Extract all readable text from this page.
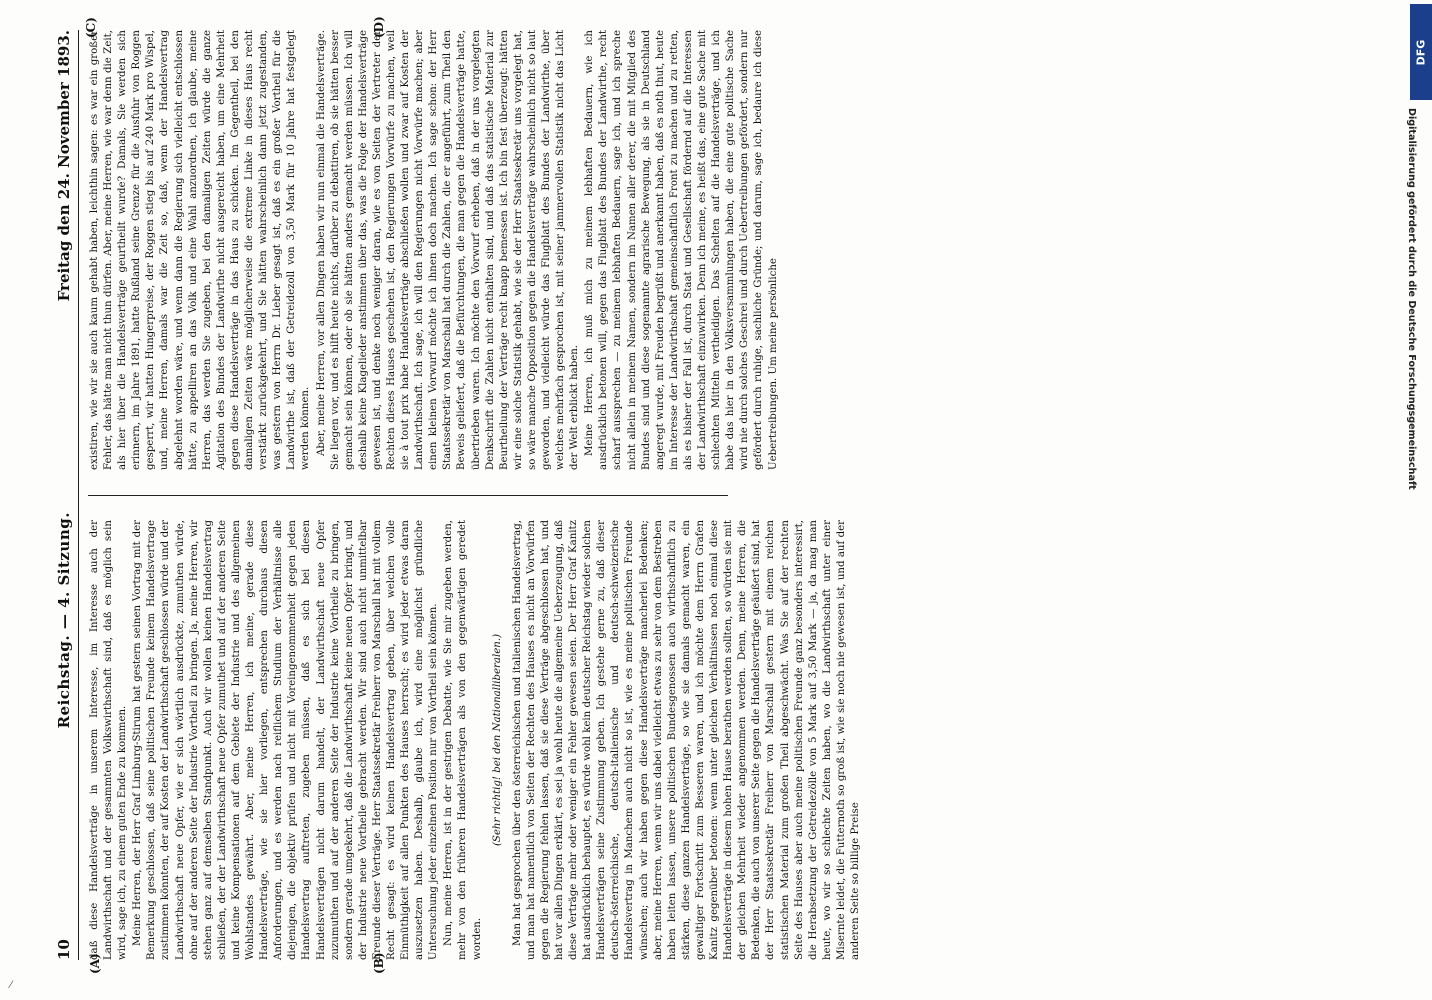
10
Reichstag. — 4. Sitzung.
Freitag den 24. November 1893.
(A)	(B)
(C)	(D)

daß diese Handelsverträge in unserem Interesse, im Interesse auch der Landwirthschaft und der gesammten Volkswirthschaft sind, daß es möglich sein wird, sage ich, zu einem guten Ende zu kommen. Meine Herren, der Herr Graf Limburg-Stirum hat gestern seinen Vortrag mit der Bemerkung geschlossen, daß seine politischen Freunde keinem Handelsvertrage zustimmen könnten, der auf Kosten der Landwirthschaft geschlossen würde und der Landwirthschaft neue Opfer, wie er sich wörtlich ausdrückte, zumuthen würde, ohne auf der anderen Seite der Industrie Vortheil zu bringen. Ja, meine Herren, wir stehen ganz auf demselben Standpunkt. Auch wir wollen keinen Handelsvertrag schließen, der der Landwirthschaft neue Opfer zumuthet und auf der anderen Seite und keine Kompensationen auf dem Gebiete der Industrie und des allgemeinen Wohlstandes gewährt. Aber, meine Herren, ich meine, gerade diese Handelsverträge, wie sie hier vorliegen, entsprechen durchaus diesen Anforderungen, und es werden nach reiflichem Studium der Verhältnisse alle diejenigen, die objektiv prüfen und nicht mit Voreingenommenheit gegen jeden Handelsvertrag auftreten, zugeben müssen, daß es sich bei diesen Handelsverträgen nicht darum handelt, der Landwirthschaft neue Opfer zuzumuthen und auf der anderen Seite der Industrie keine Vortheile zu bringen, sondern gerade umgekehrt, daß die Landwirthschaft keine neuen Opfer bringt, und der Industrie neue Vortheile gebracht werden. Wir sind auch nicht unmittelbar Freunde dieser Verträge. Herr Staatssekretär Freiherr von Marschall hat mit vollem Recht gesagt: es wird keinen Handelsvertrag geben, über welchen volle Einmüthigkeit auf allen Punkten des Hauses herrscht; es wird jeder etwas daran auszusetzen haben. Deshalb, glaube ich, wird eine möglichst gründliche Untersuchung jeder einzelnen Position nur von Vortheil sein können. Nun, meine Herren, ist in der gestrigen Debatte, wie Sie mir zugeben werden, mehr von den früheren Handelsverträgen als von den gegenwärtigen geredet worden.

(Sehr richtig! bei den Nationalliberalen.) Man hat gesprochen über den österreichischen und italienischen Handelsvertrag, und man hat namentlich von Seiten der Rechten des Hauses es nicht an Vorwürfen gegen die Regierung fehlen lassen, daß sie diese Verträge abgeschlossen hat, und hat vor allen Dingen erklärt, es sei ja wohl heute die allgemeine Ueberzeugung, daß diese Verträge mehr oder weniger ein Fehler gewesen seien. Der Herr Graf Kanitz hat ausdrücklich behauptet, es würde wohl kein deutscher Reichstag wieder solchen Handelsverträgen seine Zustimmung geben. Ich gestehe gerne zu, daß dieser deutsch-österreichische, deutsch-italienische und deutsch-schweizerische Handelsvertrag in Manchem auch nicht so ist, wie es meine politischen Freunde wünschen; auch wir haben gegen diese Handelsverträge mancherlei Bedenken; aber, meine Herren, wenn wir uns dabei vielleicht etwas zu sehr von dem Bestreben haben leiten lassen, unsere politischen Bundesgenossen auch wirthschaftlich zu stärken, diese ganzen Handelsverträge, so wie sie damals gemacht waren, ein gewaltiger Fortschritt zum Besseren waren, und ich möchte dem Herrn Grafen Kanitz gegenüber betonen: wenn unter gleichen Verhältnissen noch einmal diese Handelsverträge in diesem hohen Hause berathen werden sollten, so würden sie mit der gleichen Mehrheit wieder angenommen werden. Denn, meine Herren, die Bedenken, die auch von unserer Seite gegen die Handelsverträge geäußert sind, hat der Herr Staatssekretär Freiherr von Marschall gestern mit einem reichen statistischen Material zum großen Theil abgeschwächt. Was Sie auf der rechten Seite des Hauses aber auch meine politischen Freunde ganz besonders interessirt, die Herabsetzung der Getreidezölle von 5 Mark auf 3,50 Mark — ja, da mag man heute, wo wir so schlechte Zeiten haben, wo die Landwirthschaft unter einer Misernte leidet, die Futternoth so groß ist, wie sie noch nie gewesen ist, und auf der anderen Seite so billige Preise

existiren, wie wir sie auch kaum gehabt haben, leichthin sagen: es war ein großer Fehler, das hätte man nicht thun dürfen. Aber, meine Herren, wie war denn die Zeit, als hier über die Handelsverträge geurtheilt wurde? Damals, Sie werden sich erinnern, im Jahre 1891, hatte Rußland seine Grenze für die Ausfuhr von Roggen gesperrt, wir hatten Hungerpreise, der Roggen stieg bis auf 240 Mark pro Wispel, und, meine Herren, damals war die Zeit so, daß, wenn der Handelsvertrag abgelehnt worden wäre, und wenn dann die Regierung sich vielleicht entschlossen hätte, zu appelliren an das Volk und eine Wahl anzuordnen, ich glaube, meine Herren, das werden Sie zugeben, bei den damaligen Zeiten würde die ganze Agitation des Bundes der Landwirthe nicht ausgereicht haben, um eine Mehrheit gegen diese Handelsverträge in das Haus zu schicken. Im Gegentheil, bei den damaligen Zeiten wäre möglicherweise die extreme Linke in dieses Haus recht verstärkt zurückgekehrt, und Sie hätten wahrscheinlich dann jetzt zugestanden, was gestern von Herrn Dr. Lieber gesagt ist, daß es ein großer Vortheil für die Landwirthe ist, daß der Getreidezoll von 3,50 Mark für 10 Jahre hat festgelegt werden können. Aber, meine Herren, vor allen Dingen haben wir nun einmal die Handelsverträge. Sie liegen vor, und es hilft heute nichts, darüber zu debattiren, ob sie hätten besser gemacht sein können, oder ob sie hätten anders gemacht werden müssen. Ich will deshalb keine Klagelieder anstimmen über das, was die Folge der Handelsverträge gewesen ist, und denke noch weniger daran, wie es von Seiten der Vertreter der Rechten dieses Hauses geschehen ist, den Regierungen Vorwürfe zu machen, weil sie à tout prix habe Handelsverträge abschließen wollen und zwar auf Kosten der Landwirthschaft. Ich sage, ich will den Regierungen nicht Vorwürfe machen; aber einen kleinen Vorwurf möchte ich ihnen doch machen. Ich sage schon: der Herr Staatssekretär von Marschall hat durch die Zahlen, die er angeführt, zum Theil den Beweis geliefert, daß die Befürchtungen, die man gegen die Handelsverträge hatte, übertrieben waren. Ich möchte den Vorwurf erheben, daß in der uns vorgelegten Denkschrift die Zahlen nicht enthalten sind, und daß das statistische Material zur Beurtheilung der Verträge recht knapp bemessen ist. Ich bin fest überzeugt: hätten wir eine solche Statistik gehabt, wie sie der Herr Staatssekretär uns vorgelegt hat, so wäre manche Opposition gegen die Handelsverträge wahrscheinlich nicht so laut geworden, und vielleicht würde das Flugblatt des Bundes der Landwirthe, über welches mehrfach gesprochen ist, mit seiner jammervollen Statistik nicht das Licht der Welt erblickt haben. Meine Herren, ich muß mich zu meinem lebhaften Bedauern, wie ich ausdrücklich betonen will, gegen das Flugblatt des Bundes der Landwirthe, recht scharf aussprechen — zu meinem lebhaften Bedauern, sage ich, und ich spreche nicht allein in meinem Namen, sondern im Namen aller derer, die mit Mitglied des Bundes sind und diese sogenannte agrarische Bewegung, als sie in Deutschland angeregt wurde, mit Freuden begrüßt und anerkannt haben, daß es noth thut, heute im Interesse der Landwirthschaft gemeinschaftlich Front zu machen und zu retten, als es bisher der Fall ist, durch Staat und Gesellschaft fördernd auf die Interessen der Landwirthschaft einzuwirken. Denn ich meine, es heißt das, eine gute Sache mit schlechten Mitteln vertheidigen. Das Schelten auf die Handelsverträge, und ich habe das hier in den Volksversammlungen haben, die eine gute politische Sache wird nie durch solches Geschrei und durch Uebertreibungen gefördert, sondern nur gefördert durch ruhige, sachliche Gründe; und darum, sage ich, bedaure ich diese Uebertreibungen. Um meine persönliche

DFG
Digitalisierung gefördert durch die Deutsche Forschungsgemeinschaft
⁄
